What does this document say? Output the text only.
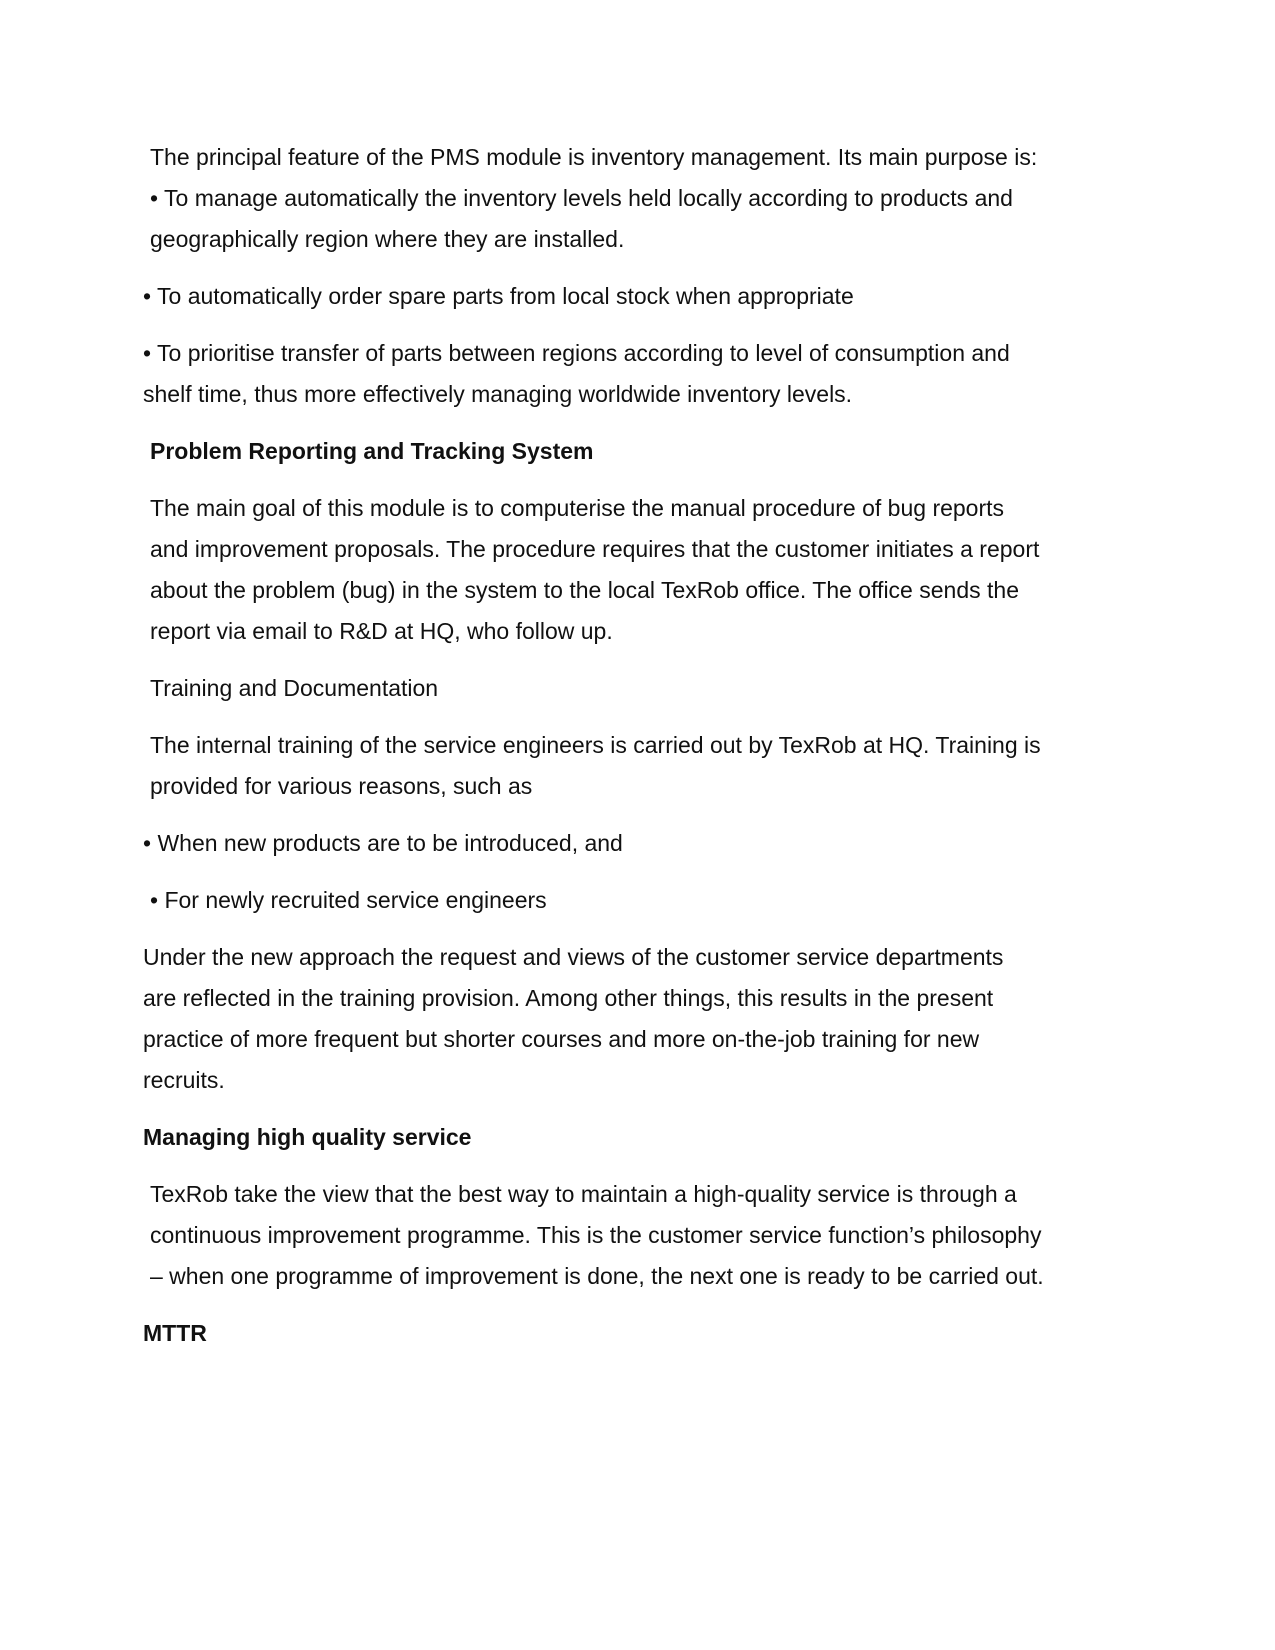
The principal feature of the PMS module is inventory management. Its main purpose is:
• To manage automatically the inventory levels held locally according to products and
geographically region where they are installed.
• To automatically order spare parts from local stock when appropriate
• To prioritise transfer of parts between regions according to level of consumption and
shelf time, thus more effectively managing worldwide inventory levels.
Problem Reporting and Tracking System
The main goal of this module is to computerise the manual procedure of bug reports
and improvement proposals. The procedure requires that the customer initiates a report
about the problem (bug) in the system to the local TexRob office. The office sends the
report via email to R&D at HQ, who follow up.
Training and Documentation
The internal training of the service engineers is carried out by TexRob at HQ. Training is
provided for various reasons, such as
• When new products are to be introduced, and
• For newly recruited service engineers
Under the new approach the request and views of the customer service departments
are reflected in the training provision. Among other things, this results in the present
practice of more frequent but shorter courses and more on-the-job training for new
recruits.
Managing high quality service
TexRob take the view that the best way to maintain a high-quality service is through a
continuous improvement programme. This is the customer service function’s philosophy
– when one programme of improvement is done, the next one is ready to be carried out.
MTTR
